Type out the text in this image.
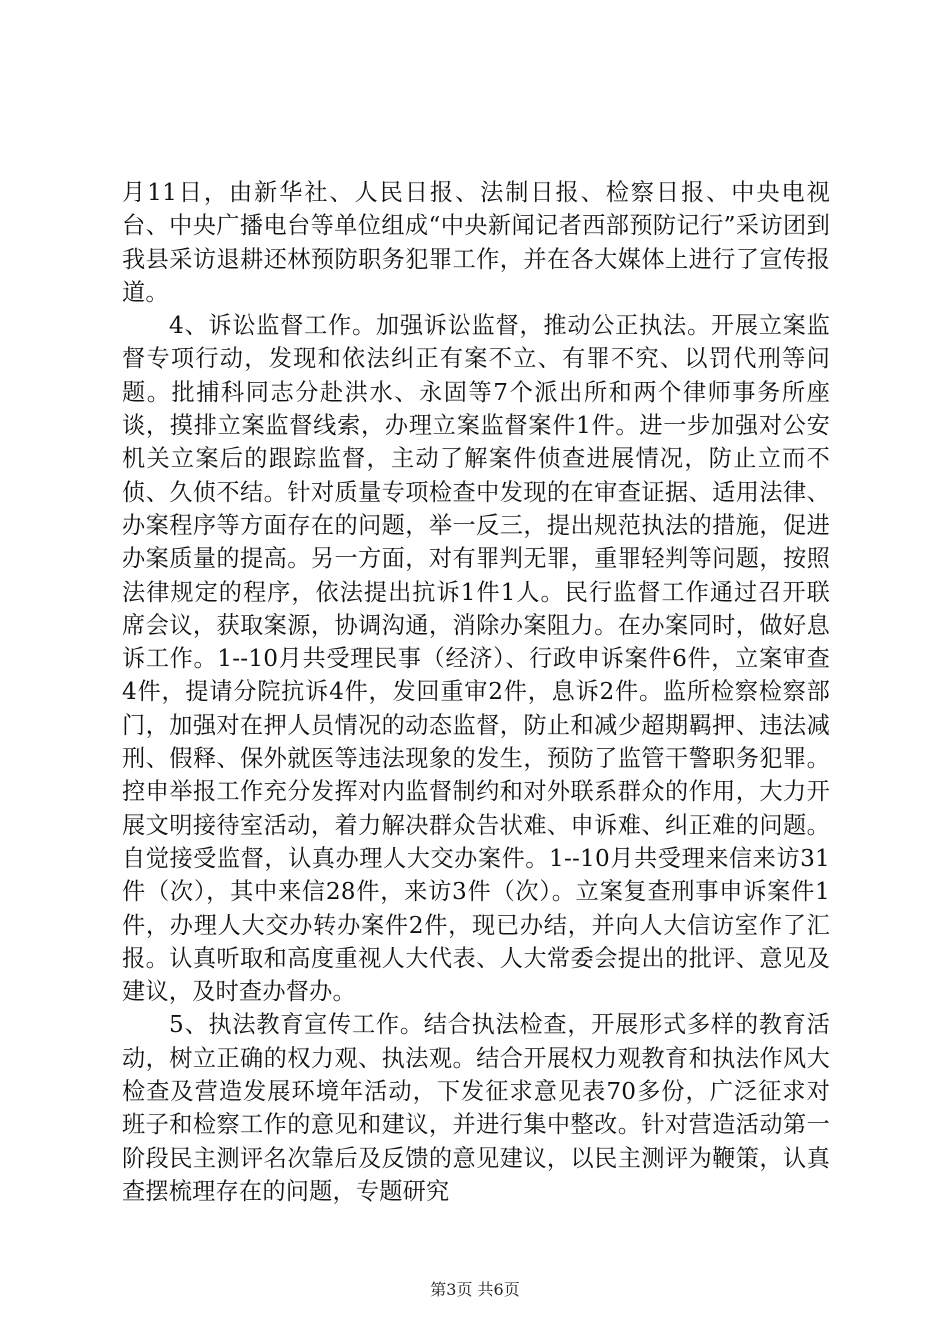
月11日，由新华社、人民日报、法制日报、检察日报、中央电视台、中央广播电台等单位组成“中央新闻记者西部预防记行”采访团到我县采访退耕还林预防职务犯罪工作，并在各大媒体上进行了宣传报道。

4、诉讼监督工作。加强诉讼监督，推动公正执法。开展立案监督专项行动，发现和依法纠正有案不立、有罪不究、以罚代刑等问题。批捕科同志分赴洪水、永固等7个派出所和两个律师事务所座谈，摸排立案监督线索，办理立案监督案件1件。进一步加强对公安机关立案后的跟踪监督，主动了解案件侦查进展情况，防止立而不侦、久侦不结。针对质量专项检查中发现的在审查证据、适用法律、办案程序等方面存在的问题，举一反三，提出规范执法的措施，促进办案质量的提高。另一方面，对有罪判无罪，重罪轻判等问题，按照法律规定的程序，依法提出抗诉1件1人。民行监督工作通过召开联席会议，获取案源，协调沟通，消除办案阻力。在办案同时，做好息诉工作。1--10月共受理民事（经济）、行政申诉案件6件，立案审查4件，提请分院抗诉4件，发回重审2件，息诉2件。监所检察检察部门，加强对在押人员情况的动态监督，防止和减少超期羁押、违法减刑、假释、保外就医等违法现象的发生，预防了监管干警职务犯罪。控申举报工作充分发挥对内监督制约和对外联系群众的作用，大力开展文明接待室活动，着力解决群众告状难、申诉难、纠正难的问题。自觉接受监督，认真办理人大交办案件。1--10月共受理来信来访31件（次），其中来信28件，来访3件（次）。立案复查刑事申诉案件1件，办理人大交办转办案件2件，现已办结，并向人大信访室作了汇报。认真听取和高度重视人大代表、人大常委会提出的批评、意见及建议，及时查办督办。

5、执法教育宣传工作。结合执法检查，开展形式多样的教育活动，树立正确的权力观、执法观。结合开展权力观教育和执法作风大检查及营造发展环境年活动，下发征求意见表70多份，广泛征求对班子和检察工作的意见和建议，并进行集中整改。针对营造活动第一阶段民主测评名次靠后及反馈的意见建议，以民主测评为鞭策，认真查摆梳理存在的问题，专题研究

第3页 共6页
